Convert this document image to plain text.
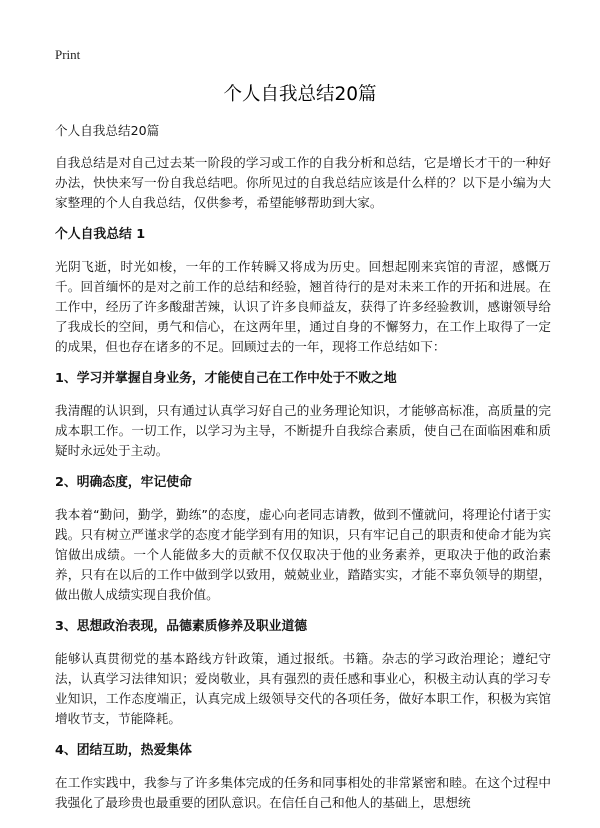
Print
个人自我总结20篇

个人自我总结20篇

自我总结是对自己过去某一阶段的学习或工作的自我分析和总结，它是增长才干的一种好办法，快快来写一份自我总结吧。你所见过的自我总结应该是什么样的？以下是小编为大家整理的个人自我总结，仅供参考，希望能够帮助到大家。

个人自我总结 1

光阴飞逝，时光如梭，一年的工作转瞬又将成为历史。回想起刚来宾馆的青涩，感慨万千。回首缅怀的是对之前工作的总结和经验，翘首待行的是对未来工作的开拓和进展。在工作中，经历了许多酸甜苦辣，认识了许多良师益友，获得了许多经验教训，感谢领导给了我成长的空间，勇气和信心，在这两年里，通过自身的不懈努力，在工作上取得了一定的成果，但也存在诸多的不足。回顾过去的一年，现将工作总结如下：

1、学习并掌握自身业务，才能使自己在工作中处于不败之地

我清醒的认识到，只有通过认真学习好自己的业务理论知识，才能够高标准，高质量的完成本职工作。一切工作，以学习为主导，不断提升自我综合素质，使自己在面临困难和质疑时永远处于主动。

2、明确态度，牢记使命

我本着“勤问，勤学，勤练”的态度，虚心向老同志请教，做到不懂就问，将理论付诸于实践。只有树立严谨求学的态度才能学到有用的知识，只有牢记自己的职责和使命才能为宾馆做出成绩。一个人能做多大的贡献不仅仅取决于他的业务素养，更取决于他的政治素养，只有在以后的工作中做到学以致用，兢兢业业，踏踏实实，才能不辜负领导的期望，做出傲人成绩实现自我价值。

3、思想政治表现，品德素质修养及职业道德

能够认真贯彻党的基本路线方针政策，通过报纸。书籍。杂志的学习政治理论；遵纪守法，认真学习法律知识；爱岗敬业，具有强烈的责任感和事业心，积极主动认真的学习专业知识，工作态度端正，认真完成上级领导交代的各项任务，做好本职工作，积极为宾馆增收节支，节能降耗。

4、团结互助，热爱集体

在工作实践中，我参与了许多集体完成的任务和同事相处的非常紧密和睦。在这个过程中我强化了最珍贵也最重要的团队意识。在信任自己和他人的基础上，思想统
